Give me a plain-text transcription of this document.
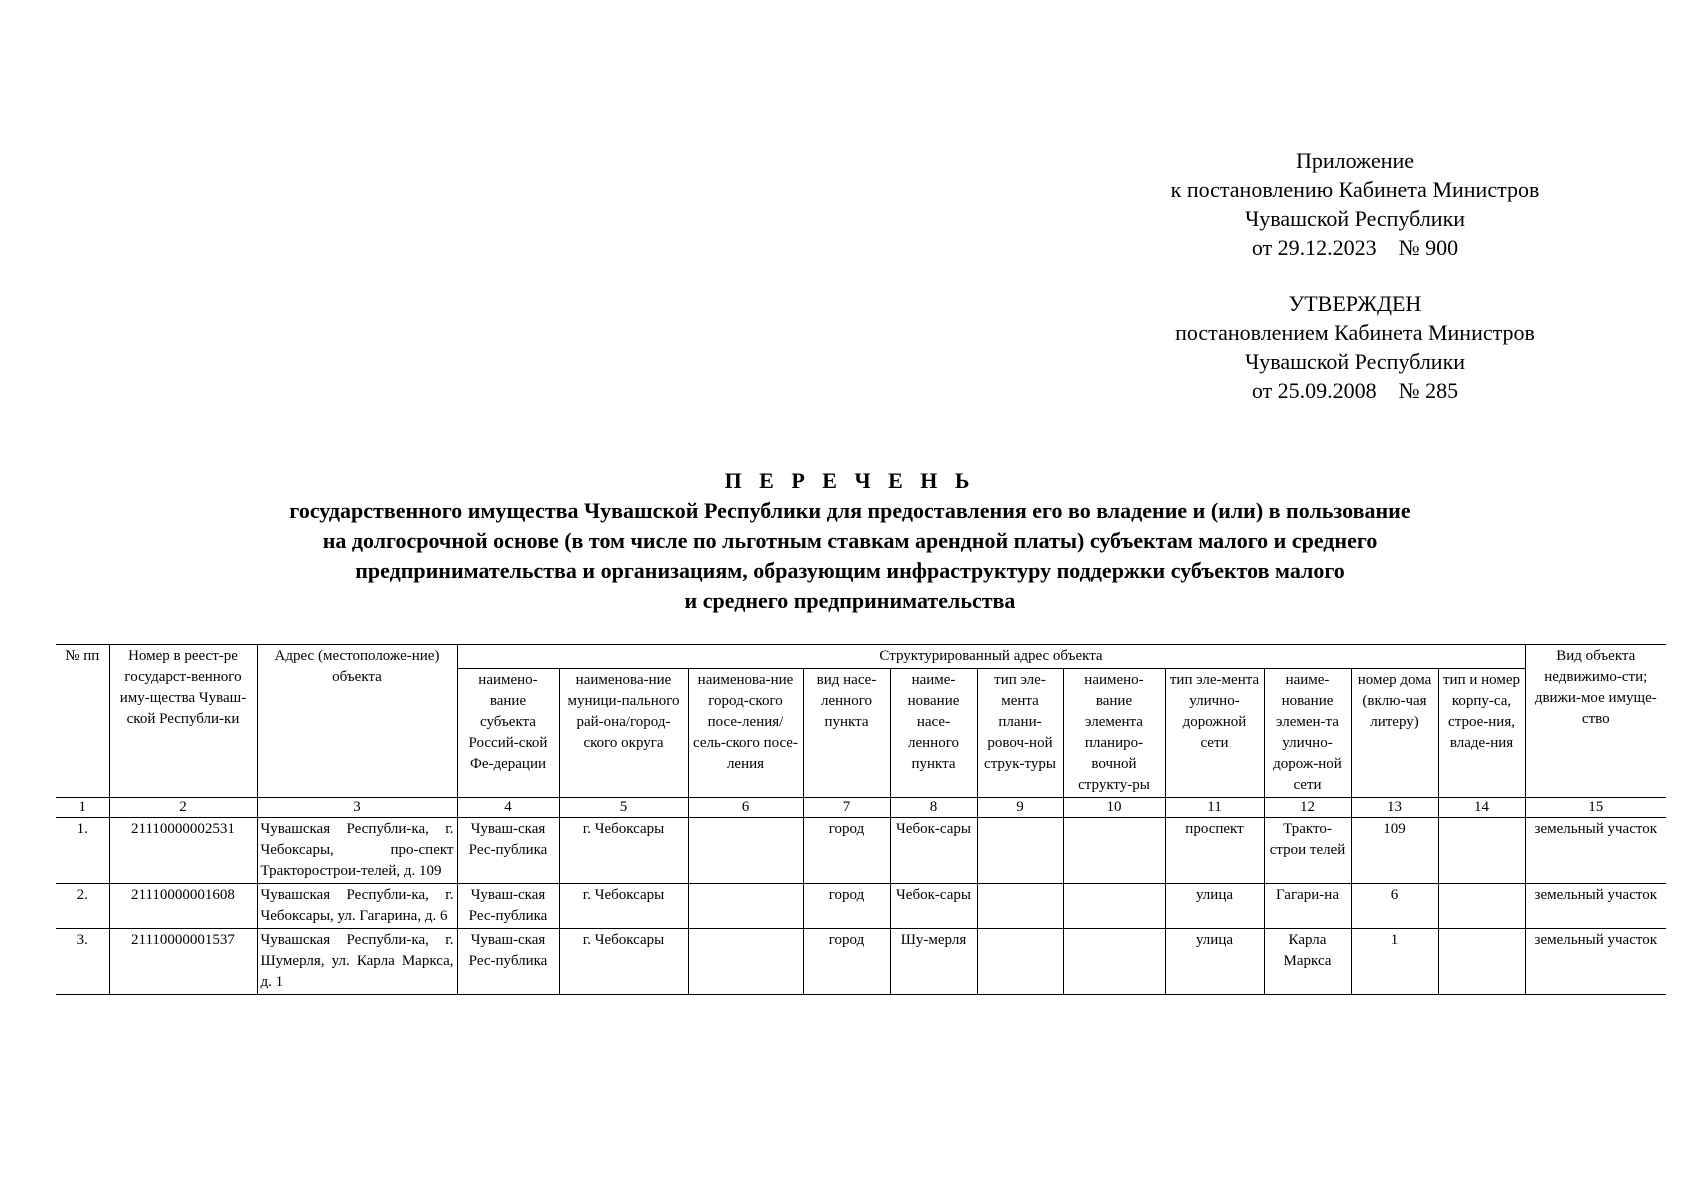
Приложение
к постановлению Кабинета Министров
Чувашской Республики
от 29.12.2023    № 900
УТВЕРЖДЕН
постановлением Кабинета Министров
Чувашской Республики
от 25.09.2008    № 285
П Е Р Е Ч Е Н Ь
государственного имущества Чувашской Республики для предоставления его во владение и (или) в пользование
на долгосрочной основе (в том числе по льготным ставкам арендной платы) субъектам малого и среднего
предпринимательства и организациям, образующим инфраструктуру поддержки субъектов малого
и среднего предпринимательства
№ пп	Номер в реест-ре государст-венного иму-щества Чуваш-ской Республи-ки	Адрес (местоположе-ние) объекта	Структурированный адрес объекта											Вид объекта недвижимо-сти; движи-мое имуще-ство
			наимено-вание субъекта Россий-ской Фе-дерации	наименова-ние муници-пального рай-она/город-ского округа	наименова-ние город-ского посе-ления/сель-ского посе-ления	вид насе-ленного пункта	наиме-нование насе-ленного пункта	тип эле-мента плани-ровоч-ной струк-туры	наимено-вание элемента планиро-вочной структу-ры	тип эле-мента улично-дорожной сети	наиме-нование элемен-та улично-дорож-ной сети	номер дома (вклю-чая литеру)	тип и номер корпу-са, строе-ния, владе-ния	
1	2	3	4	5	6	7	8	9	10	11	12	13	14	15
1.	21110000002531	Чувашская Республи-ка, г. Чебоксары, про-спект Тракторострои-телей, д. 109	Чуваш-ская Рес-публика	г. Чебоксары		город	Чебок-сары			проспект	Тракто-строи телей	109		земельный участок
2.	21110000001608	Чувашская Республи-ка, г. Чебоксары, ул. Гагарина, д. 6	Чуваш-ская Рес-публика	г. Чебоксары		город	Чебок-сары			улица	Гагари-на	6		земельный участок
3.	21110000001537	Чувашская Республи-ка, г. Шумерля, ул. Карла Маркса, д. 1	Чуваш-ская Рес-публика	г. Чебоксары		город	Шу-мерля			улица	Карла Маркса	1		земельный участок
